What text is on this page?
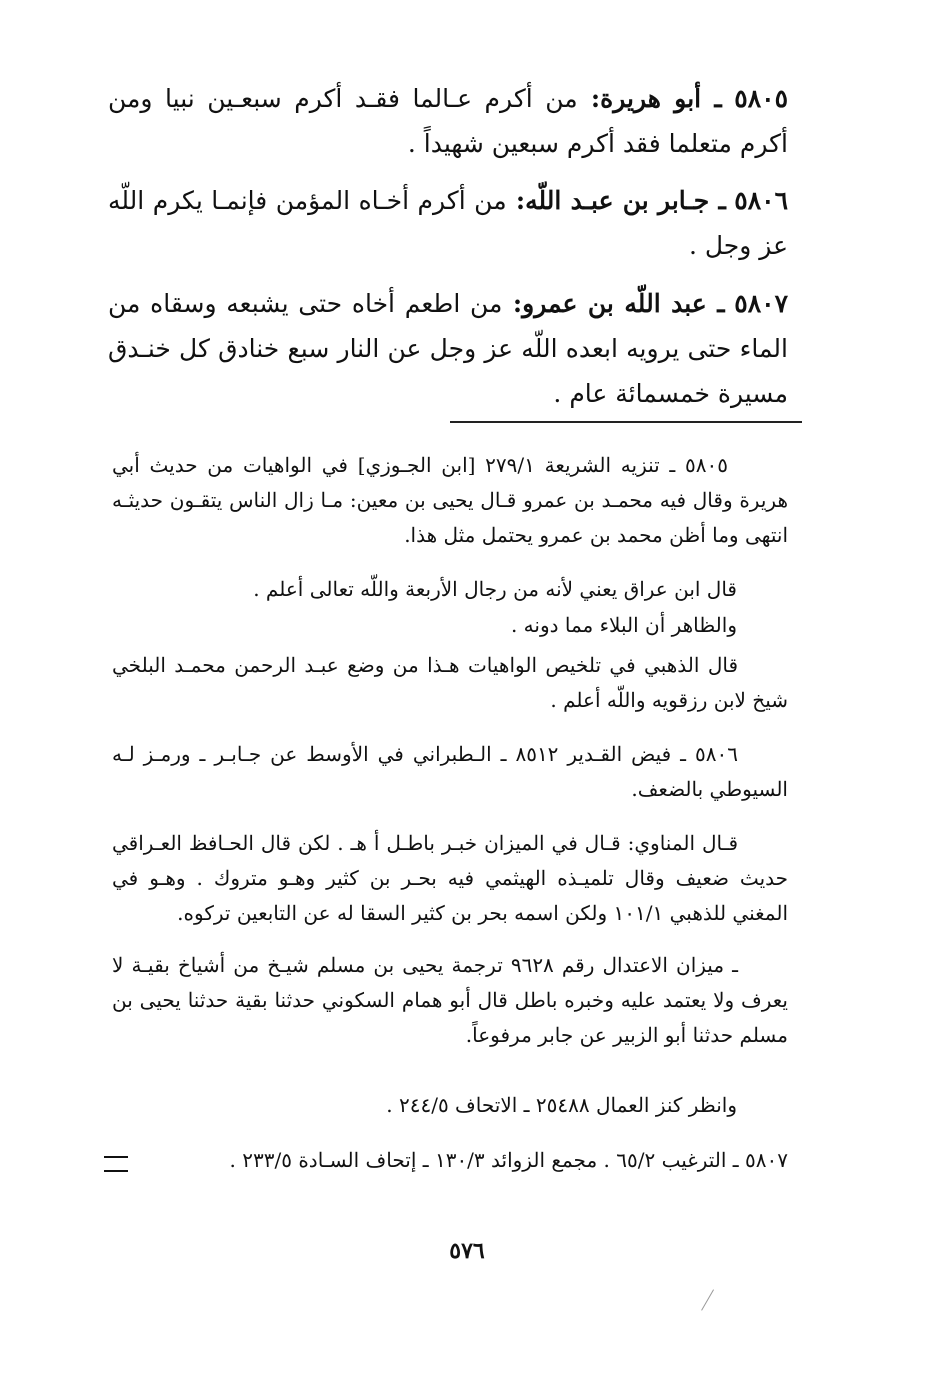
٥٨٠٥ ـ أبو هريرة: من أكرم عـالما فقـد أكرم سبعـين نبيا ومن أكرم متعلما فقد أكرم سبعين شهيداً .

٥٨٠٦ ـ جـابر بن عبـد اللّه: من أكرم أخـاه المؤمن فإنمـا يكرم اللّه عز وجل .

٥٨٠٧ ـ عبد اللّه بن عمرو: من اطعم أخاه حتى يشبعه وسقاه من الماء حتى يرويه ابعده اللّه عز وجل عن النار سبع خنادق كل خنـدق مسيرة خمسمائة عام .

٥٨٠٥ ـ تنزيه الشريعة ٢٧٩/١ [ابن الجـوزي] في الواهيات من حديث أبي هريرة وقال فيه محمـد بن عمرو قـال يحيى بن معين: مـا زال الناس يتقـون حديثـه انتهى وما أظن محمد بن عمرو يحتمل مثل هذا.

قال ابن عراق يعني لأنه من رجال الأربعة واللّه تعالى أعلم .

والظاهر أن البلاء مما دونه .

قال الذهبي في تلخيص الواهيات هـذا من وضع عبـد الرحمن محمـد البلخي شيخ لابن رزقويه واللّه أعلم .

٥٨٠٦ ـ فيض القـدير ٨٥١٢ ـ الـطبراني في الأوسط عن جـابـر ـ ورمـز لـه السيوطي بالضعف.

قـال المناوي: قـال في الميزان خبـر باطـل أ هـ . لكن قال الحـافظ العـراقي حديث ضعيف وقال تلميـذه الهيثمي فيه بحـر بن كثير وهـو متروك . وهـو في المغني للذهبي ١٠١/١ ولكن اسمه بحر بن كثير السقا له عن التابعين تركوه.

ـ ميزان الاعتدال رقم ٩٦٢٨ ترجمة يحيى بن مسلم شيـخ من أشياخ بقيـة لا يعرف ولا يعتمد عليه وخبره باطل قال أبو همام السكوني حدثنا بقية حدثنا يحيى بن مسلم حدثنا أبو الزبير عن جابر مرفوعاً.

وانظر كنز العمال ٢٥٤٨٨ ـ الاتحاف ٢٤٤/٥ .

٥٨٠٧ ـ الترغيب ٦٥/٢ . مجمع الزوائد ١٣٠/٣ ـ إتحاف السـادة ٢٣٣/٥ .

٥٧٦
